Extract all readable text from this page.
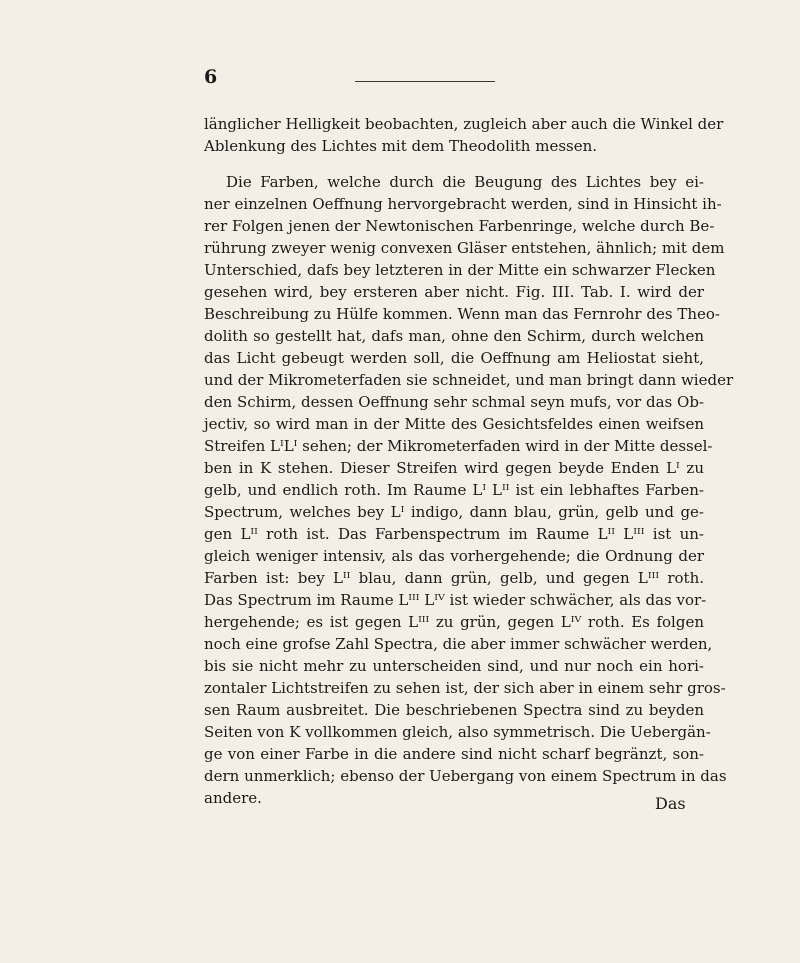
6
länglicher Helligkeit beobachten, zugleich aber auch die Winkel der
Ablenkung des Lichtes mit dem Theodolith messen.
Die Farben, welche durch die Beugung des Lichtes bey ei-
ner einzelnen Oeffnung hervorgebracht werden, sind in Hinsicht ih-
rer Folgen jenen der Newtonischen Farbenringe, welche durch Be-
rührung zweyer wenig convexen Gläser entstehen, ähnlich; mit dem
Unterschied, dafs bey letzteren in der Mitte ein schwarzer Flecken
gesehen wird, bey ersteren aber nicht. Fig. III. Tab. I. wird der
Beschreibung zu Hülfe kommen. Wenn man das Fernrohr des Theo-
dolith so gestellt hat, dafs man, ohne den Schirm, durch welchen
das Licht gebeugt werden soll, die Oeffnung am Heliostat sieht,
und der Mikrometerfaden sie schneidet, und man bringt dann wieder
den Schirm, dessen Oeffnung sehr schmal seyn mufs, vor das Ob-
jectiv, so wird man in der Mitte des Gesichtsfeldes einen weifsen
Streifen LᴵLᴵ sehen; der Mikrometerfaden wird in der Mitte dessel-
ben in K stehen. Dieser Streifen wird gegen beyde Enden Lᴵ zu
gelb, und endlich roth. Im Raume Lᴵ Lᴵᴵ ist ein lebhaftes Farben-
Spectrum, welches bey Lᴵ indigo, dann blau, grün, gelb und ge-
gen Lᴵᴵ roth ist. Das Farbenspectrum im Raume Lᴵᴵ Lᴵᴵᴵ ist un-
gleich weniger intensiv, als das vorhergehende; die Ordnung der
Farben ist: bey Lᴵᴵ blau, dann grün, gelb, und gegen Lᴵᴵᴵ roth.
Das Spectrum im Raume Lᴵᴵᴵ Lᴵⱽ ist wieder schwächer, als das vor-
hergehende; es ist gegen Lᴵᴵᴵ zu grün, gegen Lᴵⱽ roth. Es folgen
noch eine grofse Zahl Spectra, die aber immer schwächer werden,
bis sie nicht mehr zu unterscheiden sind, und nur noch ein hori-
zontaler Lichtstreifen zu sehen ist, der sich aber in einem sehr gros-
sen Raum ausbreitet. Die beschriebenen Spectra sind zu beyden
Seiten von K vollkommen gleich, also symmetrisch. Die Uebergän-
ge von einer Farbe in die andere sind nicht scharf begränzt, son-
dern unmerklich; ebenso der Uebergang von einem Spectrum in das
andere.	Das
